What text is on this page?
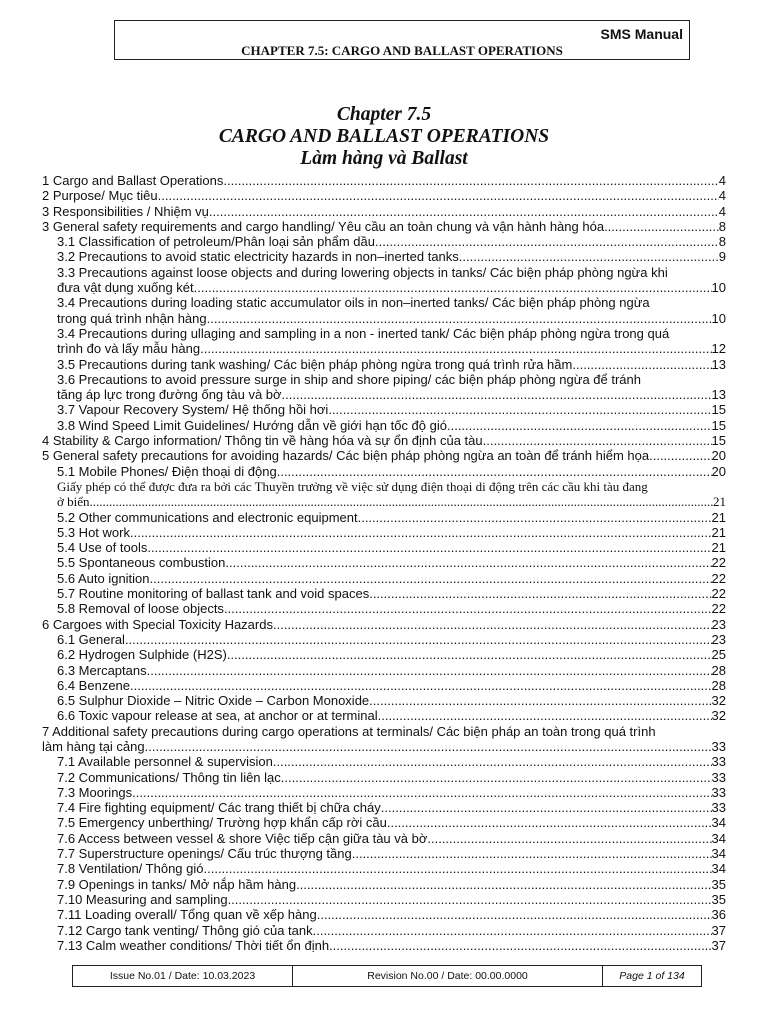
SMS Manual
CHAPTER 7.5: CARGO AND BALLAST OPERATIONS
Chapter 7.5
CARGO AND BALLAST OPERATIONS
Làm hàng và Ballast
1 Cargo and Ballast Operations .....	4
2 Purpose/ Mục tiêu .....	4
3 Responsibilities / Nhiệm vụ .....	4
3 General safety requirements and cargo handling/ Yêu cầu an toàn chung và vận hành hàng hóa .....	8
3.1 Classification of petroleum/Phân loại sản phẩm dầu .....	8
3.2 Precautions to avoid static electricity hazards in non–inerted tanks .....	9
3.3 Precautions against loose objects and during lowering objects in tanks/ Các biện pháp phòng ngừa khi
đưa vật dụng xuống két .....	10
3.4 Precautions during loading static accumulator oils in non–inerted tanks/ Các biện pháp phòng ngừa
trong quá trình nhận hàng .....	10
3.4 Precautions during ullaging and sampling in a non - inerted tank/ Các biện pháp phòng ngừa trong quá
trình đo và lấy mẫu hàng .....	12
3.5 Precautions during tank washing/ Các biện pháp phòng ngừa trong quá trình rửa hầm .....	13
3.6 Precautions to avoid pressure surge in ship and shore piping/ các biện pháp phòng ngừa để tránh
tăng áp lực trong đường ống tàu và bờ .....	13
3.7 Vapour Recovery System/ Hệ thống hồi hơi .....	15
3.8 Wind Speed Limit Guidelines/ Hướng dẫn về giới hạn tốc độ gió .....	15
4 Stability & Cargo information/ Thông tin về hàng hóa và sự ổn định của tàu .....	15
5 General safety precautions for avoiding hazards/ Các biện pháp phòng ngừa an toàn để tránh hiểm họa .....	20
5.1 Mobile Phones/ Điện thoại di động .....	20
Giấy phép có thể được đưa ra bởi các Thuyền trưởng về việc sử dụng điện thoại di động trên các cầu khi tàu đang
ở biển .....	21
5.2 Other communications and electronic equipment .....	21
5.3 Hot work .....	21
5.4 Use of tools .....	21
5.5 Spontaneous combustion .....	22
5.6 Auto ignition .....	22
5.7 Routine monitoring of ballast tank and void spaces .....	22
5.8 Removal of loose objects .....	22
6 Cargoes with Special Toxicity Hazards .....	23
6.1 General .....	23
6.2 Hydrogen Sulphide (H2S) .....	25
6.3 Mercaptans .....	28
6.4 Benzene .....	28
6.5 Sulphur Dioxide – Nitric Oxide – Carbon Monoxide .....	32
6.6 Toxic vapour release at sea, at anchor or at terminal .....	32
7 Additional safety precautions during cargo operations at terminals/ Các biện pháp an toàn trong quá trình
làm hàng tại cảng .....	33
7.1 Available personnel & supervision .....	33
7.2 Communications/ Thông tin liên lạc .....	33
7.3 Moorings .....	33
7.4 Fire fighting equipment/ Các trang thiết bị chữa cháy .....	33
7.5 Emergency unberthing/ Trường hợp khẩn cấp rời cầu .....	34
7.6 Access between vessel & shore Việc tiếp cận giữa tàu và bờ .....	34
7.7 Superstructure openings/ Cấu trúc thượng tầng .....	34
7.8 Ventilation/ Thông gió .....	34
7.9 Openings in tanks/ Mở nắp hầm hàng .....	35
7.10 Measuring and sampling .....	35
7.11 Loading overall/ Tổng quan về xếp hàng .....	36
7.12 Cargo tank venting/ Thông gió của tank .....	37
7.13 Calm weather conditions/ Thời tiết ổn định .....	37
Issue No.01 / Date: 10.03.2023	Revision No.00 / Date: 00.00.0000	Page 1 of 134
